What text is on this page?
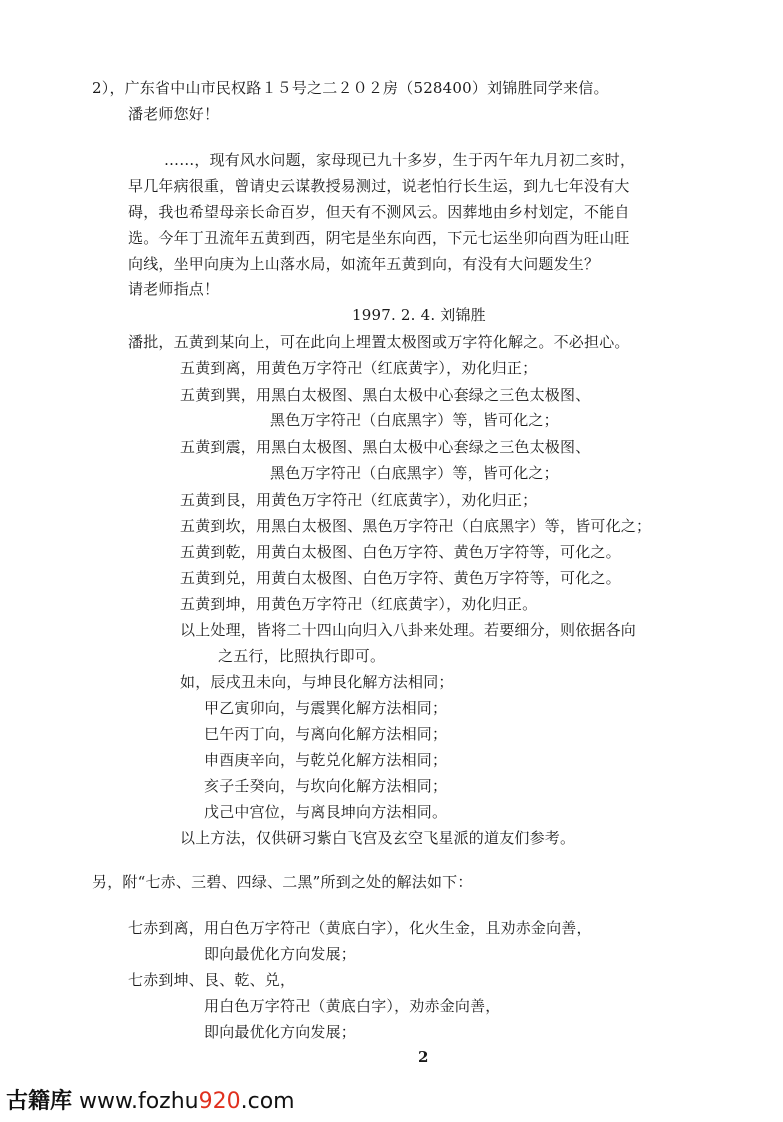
2），广东省中山市民权路１５号之二２０２房（528400）刘锦胜同学来信。
潘老师您好！
……，现有风水问题，家母现已九十多岁，生于丙午年九月初二亥时，
早几年病很重，曾请史云谋教授易测过，说老怕行长生运，到九七年没有大
碍，我也希望母亲长命百岁，但天有不测风云。因葬地由乡村划定，不能自
选。今年丁丑流年五黄到西，阴宅是坐东向西，下元七运坐卯向酉为旺山旺
向线，坐甲向庚为上山落水局，如流年五黄到向，有没有大问题发生？
请老师指点！
1997. 2. 4. 刘锦胜
潘批，五黄到某向上，可在此向上埋置太极图或万字符化解之。不必担心。
五黄到离，用黄色万字符卍（红底黄字），劝化归正；
五黄到巽，用黑白太极图、黑白太极中心套绿之三色太极图、
黑色万字符卍（白底黑字）等，皆可化之；
五黄到震，用黑白太极图、黑白太极中心套绿之三色太极图、
黑色万字符卍（白底黑字）等，皆可化之；
五黄到艮，用黄色万字符卍（红底黄字），劝化归正；
五黄到坎，用黑白太极图、黑色万字符卍（白底黑字）等，皆可化之；
五黄到乾，用黄白太极图、白色万字符、黄色万字符等，可化之。
五黄到兑，用黄白太极图、白色万字符、黄色万字符等，可化之。
五黄到坤，用黄色万字符卍（红底黄字），劝化归正。
以上处理，皆将二十四山向归入八卦来处理。若要细分，则依据各向
之五行，比照执行即可。
如，辰戌丑未向，与坤艮化解方法相同；
甲乙寅卯向，与震巽化解方法相同；
巳午丙丁向，与离向化解方法相同；
申酉庚辛向，与乾兑化解方法相同；
亥子壬癸向，与坎向化解方法相同；
戊己中宫位，与离艮坤向方法相同。
以上方法，仅供研习紫白飞宫及玄空飞星派的道友们参考。
另，附“七赤、三碧、四绿、二黑”所到之处的解法如下：
七赤到离，用白色万字符卍（黄底白字），化火生金，且劝赤金向善，
即向最优化方向发展；
七赤到坤、艮、乾、兑，
用白色万字符卍（黄底白字），劝赤金向善，
即向最优化方向发展；
2
古籍库 www.fozhu920.com
